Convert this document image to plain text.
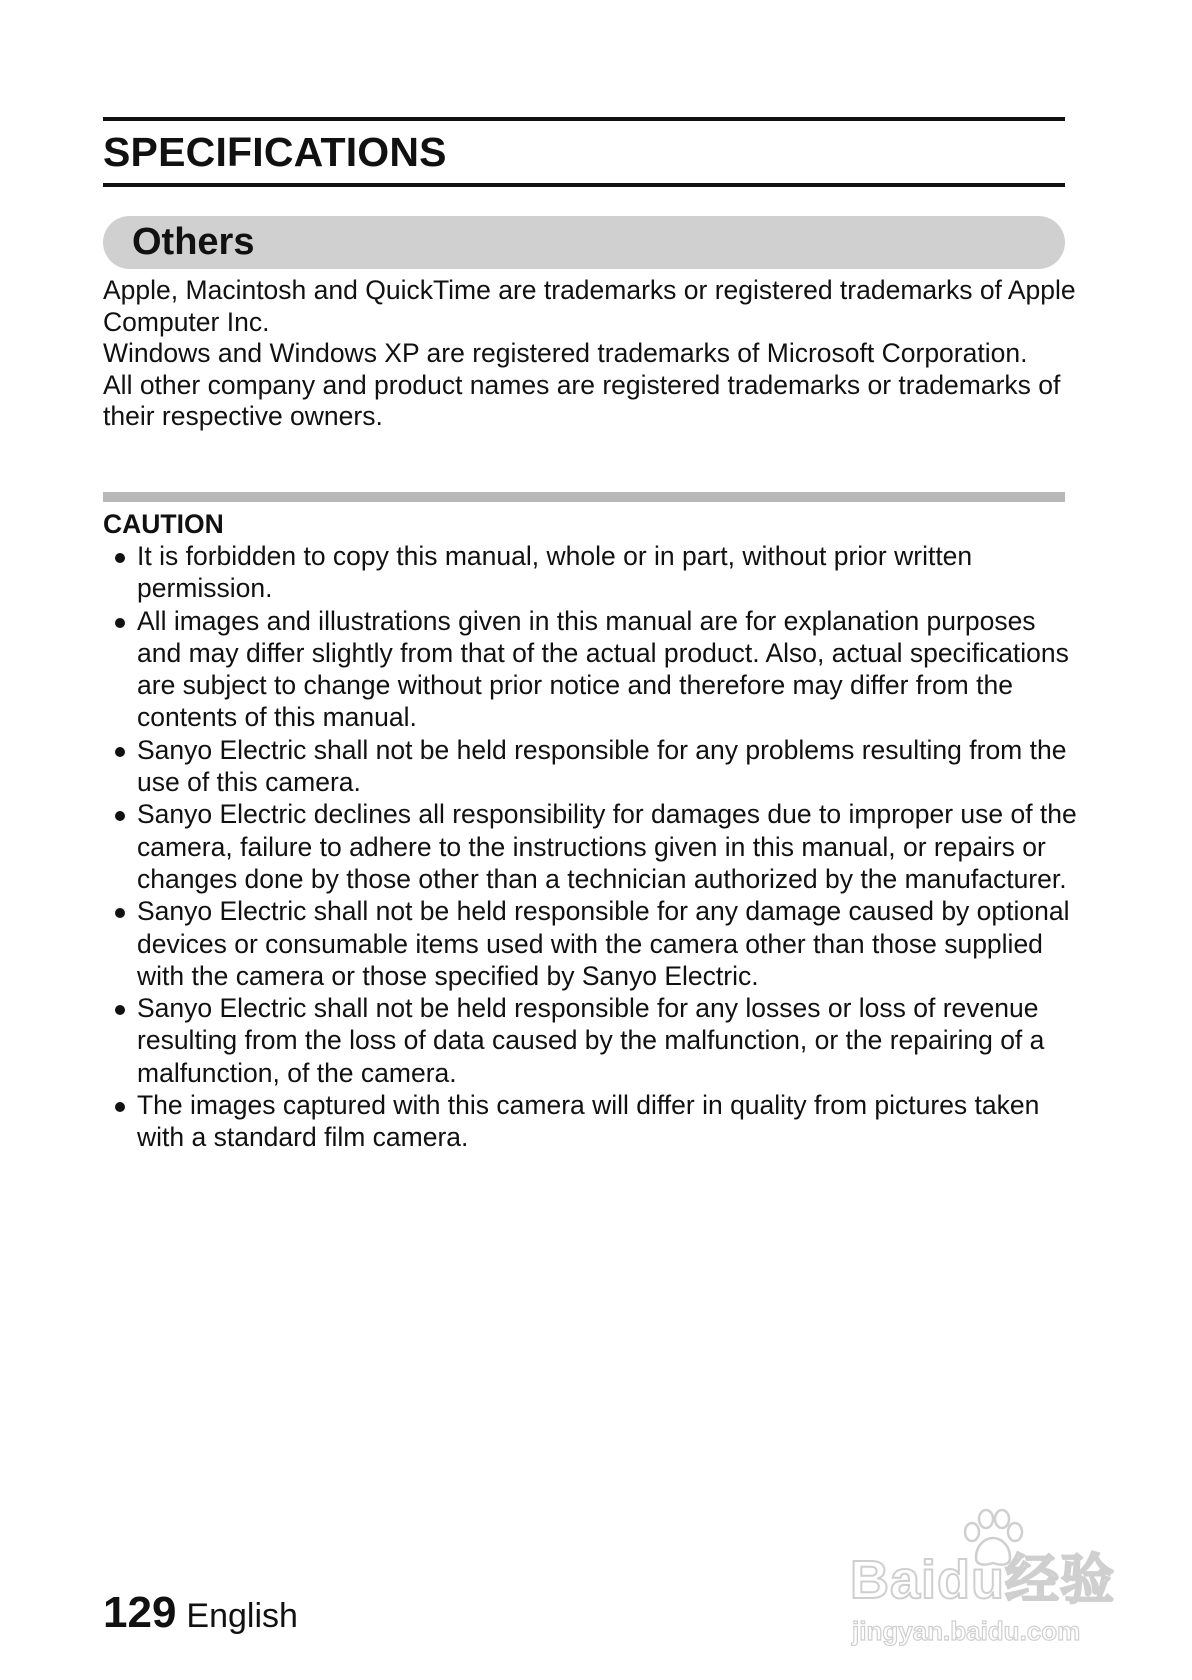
SPECIFICATIONS
Others

Apple, Macintosh and QuickTime are trademarks or registered trademarks of Apple Computer Inc.

Windows and Windows XP are registered trademarks of Microsoft Corporation.

All other company and product names are registered trademarks or trademarks of their respective owners.

CAUTION
It is forbidden to copy this manual, whole or in part, without prior written permission.
All images and illustrations given in this manual are for explanation purposes and may differ slightly from that of the actual product. Also, actual specifications are subject to change without prior notice and therefore may differ from the contents of this manual.
Sanyo Electric shall not be held responsible for any problems resulting from the use of this camera.
Sanyo Electric declines all responsibility for damages due to improper use of the camera, failure to adhere to the instructions given in this manual, or repairs or changes done by those other than a technician authorized by the manufacturer.
Sanyo Electric shall not be held responsible for any damage caused by optional devices or consumable items used with the camera other than those supplied with the camera or those specified by Sanyo Electric.
Sanyo Electric shall not be held responsible for any losses or loss of revenue resulting from the loss of data caused by the malfunction, or the repairing of a malfunction, of the camera.
The images captured with this camera will differ in quality from pictures taken with a standard film camera.
129 English
Baidu经验
jingyan.baidu.com
